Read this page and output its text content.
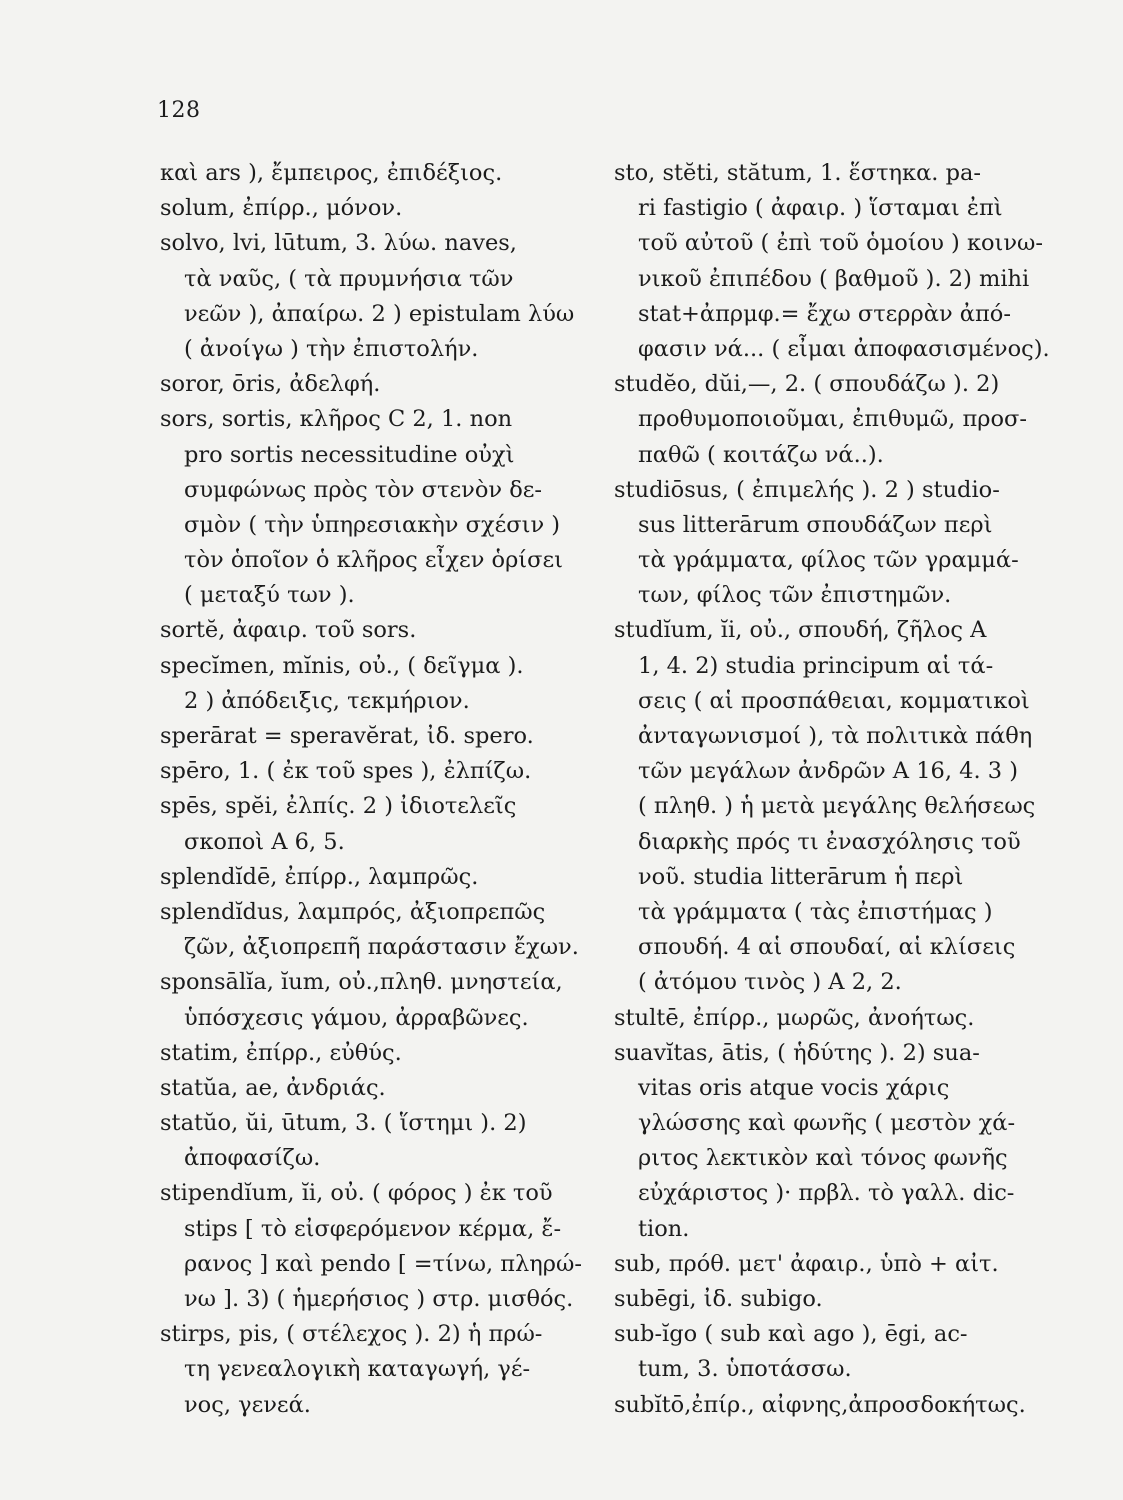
128
καὶ ars ), ἔμπειρος, ἐπιδέξιος.
solum, ἐπίρρ., μόνον.
solvo, lvi, lūtum, 3. λύω. naves,
τὰ ναῦς, ( τὰ πρυμνήσια τῶν
νεῶν ), ἀπαίρω. 2 ) epistulam λύω
( ἀνοίγω ) τὴν ἐπιστολήν.
soror, ōris, ἀδελφή.
sors, sortis, κλῆρος C 2, 1. non
pro sortis necessitudine οὐχὶ
συμφώνως πρὸς τὸν στενὸν δε-
σμὸν ( τὴν ὑπηρεσιακὴν σχέσιν )
τὸν ὁποῖον ὁ κλῆρος εἶχεν ὁρίσει
( μεταξύ των ).
sortĕ, ἀφαιρ. τοῦ sors.
specĭmen, mĭnis, οὐ., ( δεῖγμα ).
2 ) ἀπόδειξις, τεκμήριον.
sperārat = speravĕrat, ἰδ. spero.
spēro, 1. ( ἐκ τοῦ spes ), ἐλπίζω.
spēs, spĕi, ἐλπίς. 2 ) ἰδιοτελεῖς
σκοποὶ A 6, 5.
splendĭdē, ἐπίρρ., λαμπρῶς.
splendĭdus, λαμπρός, ἀξιοπρεπῶς
ζῶν, ἀξιοπρεπῆ παράστασιν ἔχων.
sponsālĭa, ĭum, οὐ.,πληθ. μνηστεία,
ὑπόσχεσις γάμου, ἀρραβῶνες.
statim, ἐπίρρ., εὐθύς.
statŭa, ae, ἀνδριάς.
statŭo, ŭi, ūtum, 3. ( ἵστημι ). 2)
ἀποφασίζω.
stipendĭum, ĭi, οὐ. ( φόρος ) ἐκ τοῦ
stips [ τὸ εἰσφερόμενον κέρμα, ἔ-
ρανος ] καὶ pendo [ =τίνω, πληρώ-
νω ]. 3) ( ἡμερήσιος ) στρ. μισθός.
stirps, pis, ( στέλεχος ). 2) ἡ πρώ-
τη γενεαλογικὴ καταγωγή, γέ-
νος, γενεά.
sto, stĕti, stătum, 1. ἕστηκα. pa-
ri fastigio ( ἀφαιρ. ) ἵσταμαι ἐπὶ
τοῦ αὐτοῦ ( ἐπὶ τοῦ ὁμοίου ) κοινω-
νικοῦ ἐπιπέδου ( βαθμοῦ ). 2) mihi
stat+ἀπρμφ.= ἔχω στερρὰν ἀπό-
φασιν νά... ( εἶμαι ἀποφασισμένος).
studĕo, dŭi,—, 2. ( σπουδάζω ). 2)
προθυμοποιοῦμαι, ἐπιθυμῶ, προσ-
παθῶ ( κοιτάζω νά..).
studiōsus, ( ἐπιμελής ). 2 ) studio-
sus litterārum σπουδάζων περὶ
τὰ γράμματα, φίλος τῶν γραμμά-
των, φίλος τῶν ἐπιστημῶν.
studĭum, ĭi, οὐ., σπουδή, ζῆλος A
1, 4. 2) studia principum αἱ τά-
σεις ( αἱ προσπάθειαι, κομματικοὶ
ἀνταγωνισμοί ), τὰ πολιτικὰ πάθη
τῶν μεγάλων ἀνδρῶν A 16, 4. 3 )
( πληθ. ) ἡ μετὰ μεγάλης θελήσεως
διαρκὴς πρός τι ἐνασχόλησις τοῦ
νοῦ. studia litterārum ἡ περὶ
τὰ γράμματα ( τὰς ἐπιστήμας )
σπουδή. 4 αἱ σπουδαί, αἱ κλίσεις
( ἀτόμου τινὸς ) A 2, 2.
stultē, ἐπίρρ., μωρῶς, ἀνοήτως.
suavĭtas, ātis, ( ἡδύτης ). 2) sua-
vitas oris atque vocis χάρις
γλώσσης καὶ φωνῆς ( μεστὸν χά-
ριτος λεκτικὸν καὶ τόνος φωνῆς
εὐχάριστος )· πρβλ. τὸ γαλλ. dic-
tion.
sub, πρόθ. μετ' ἀφαιρ., ὑπὸ + αἰτ.
subēgi, ἰδ. subigo.
sub-ĭgo ( sub καὶ ago ), ēgi, ac-
tum, 3. ὑποτάσσω.
subĭtō,ἐπίρ., αἰφνης,ἀπροσδοκήτως.
